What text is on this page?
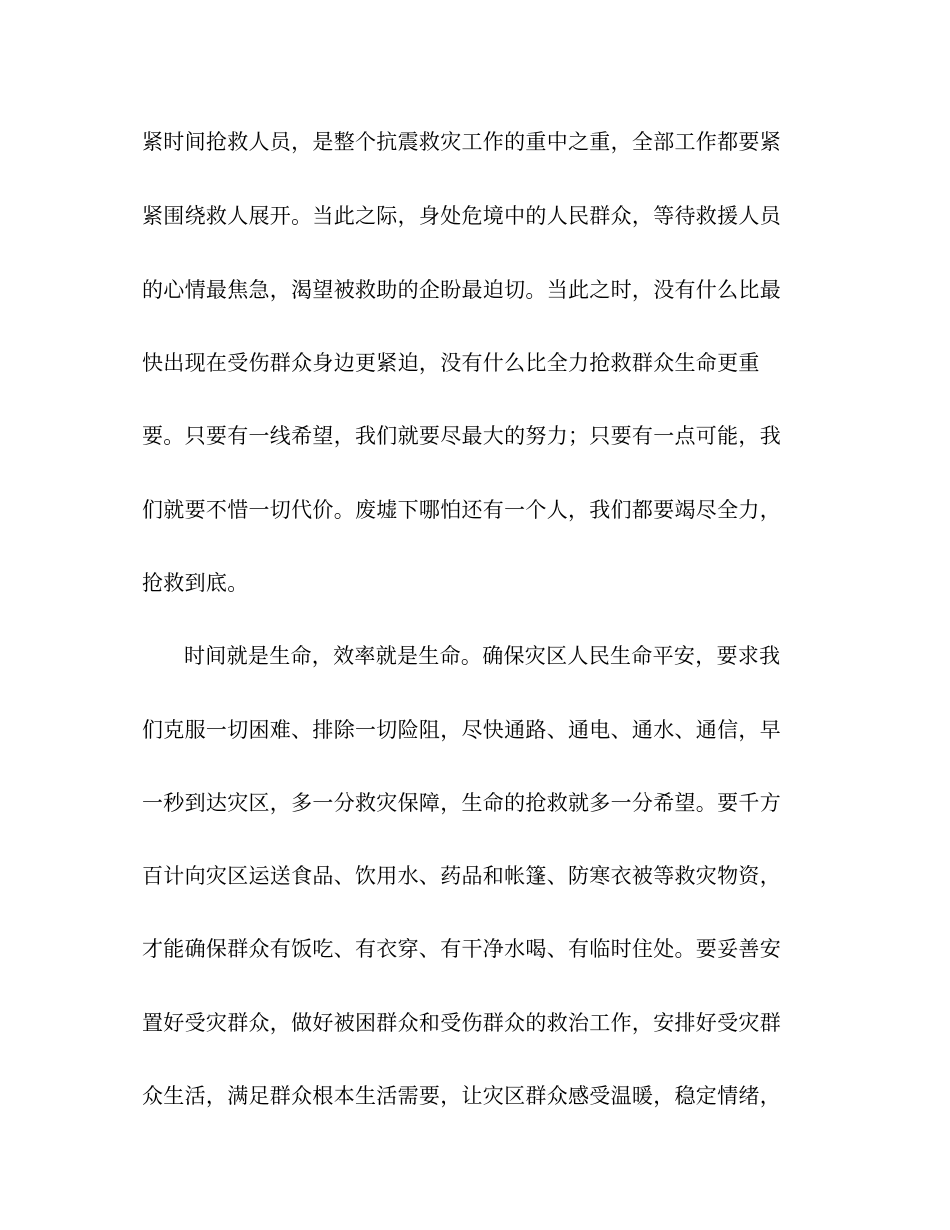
紧时间抢救人员，是整个抗震救灾工作的重中之重，全部工作都要紧
紧围绕救人展开。当此之际，身处危境中的人民群众，等待救援人员
的心情最焦急，渴望被救助的企盼最迫切。当此之时，没有什么比最
快出现在受伤群众身边更紧迫，没有什么比全力抢救群众生命更重
要。只要有一线希望，我们就要尽最大的努力；只要有一点可能，我
们就要不惜一切代价。废墟下哪怕还有一个人，我们都要竭尽全力，
抢救到底。
时间就是生命，效率就是生命。确保灾区人民生命平安，要求我
们克服一切困难、排除一切险阻，尽快通路、通电、通水、通信，早
一秒到达灾区，多一分救灾保障，生命的抢救就多一分希望。要千方
百计向灾区运送食品、饮用水、药品和帐篷、防寒衣被等救灾物资，
才能确保群众有饭吃、有衣穿、有干净水喝、有临时住处。要妥善安
置好受灾群众，做好被困群众和受伤群众的救治工作，安排好受灾群
众生活，满足群众根本生活需要，让灾区群众感受温暖，稳定情绪，
